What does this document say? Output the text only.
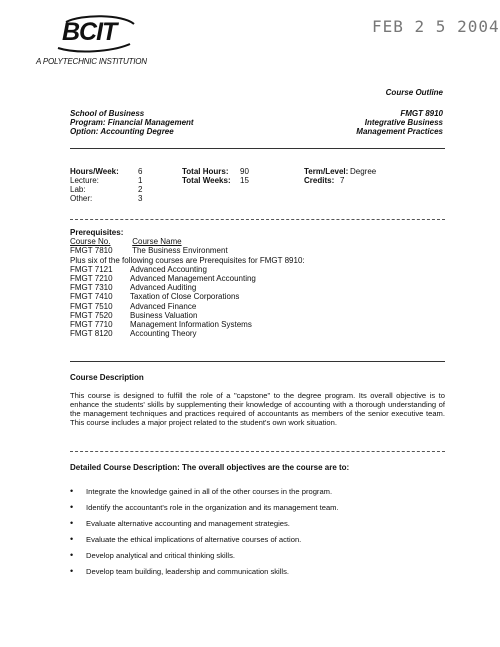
BCIT
A POLYTECHNIC INSTITUTION
FEB 2 5 2004
Course Outline
School of Business
Program: Financial Management
Option: Accounting Degree
FMGT 8910
Integrative Business
Management Practices
Hours/Week:	6	Total Hours:	90	Term/Level: Degree
Lecture:	1	Total Weeks:	15	Credits: 7
Lab:	2
Other:	3
Prerequisites:
Course No.	Course Name
FMGT 7810 The Business Environment
Plus six of the following courses are Prerequisites for FMGT 8910:
FMGT 7121 Advanced Accounting
FMGT 7210 Advanced Management Accounting
FMGT 7310 Advanced Auditing
FMGT 7410 Taxation of Close Corporations
FMGT 7510 Advanced Finance
FMGT 7520 Business Valuation
FMGT 7710 Management Information Systems
FMGT 8120 Accounting Theory
Course Description
This course is designed to fulfill the role of a "capstone" to the degree program. Its overall objective is to enhance the students' skills by supplementing their knowledge of accounting with a thorough understanding of the management techniques and practices required of accountants as members of the senior executive team. This course includes a major project related to the student's own work situation.
Detailed Course Description: The overall objectives are the course are to:
•	Integrate the knowledge gained in all of the other courses in the program.
•	Identify the accountant's role in the organization and its management team.
•	Evaluate alternative accounting and management strategies.
•	Evaluate the ethical implications of alternative courses of action.
•	Develop analytical and critical thinking skills.
•	Develop team building, leadership and communication skills.
